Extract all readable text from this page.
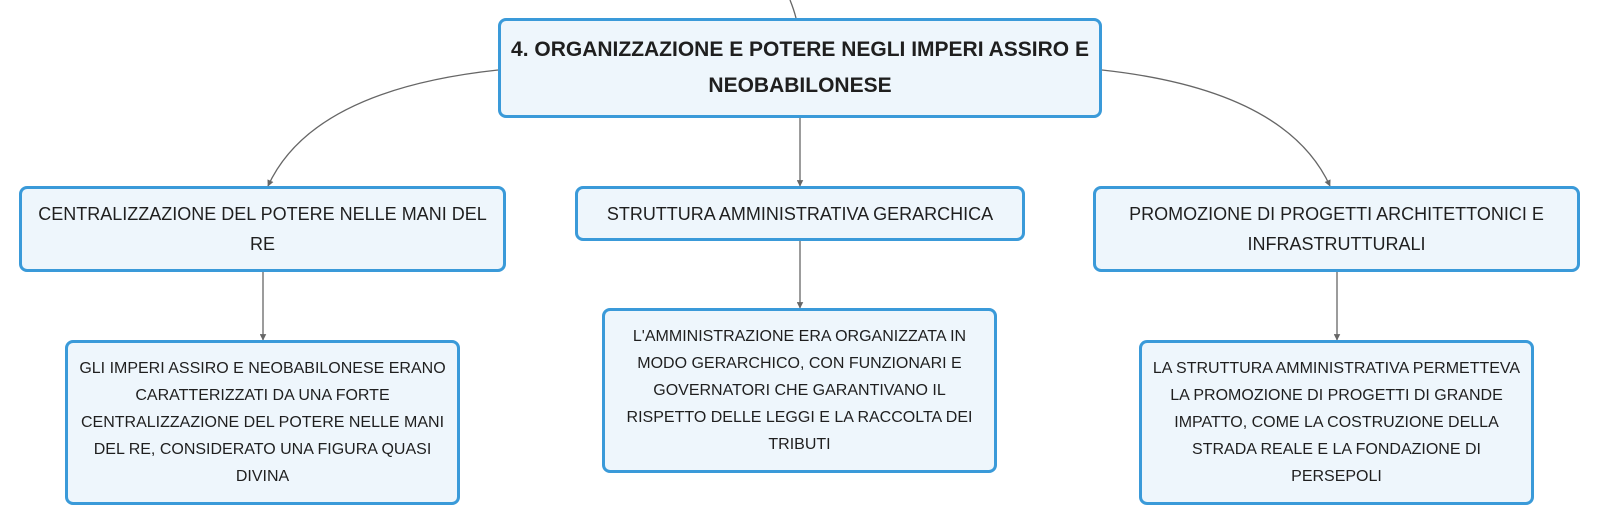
4. ORGANIZZAZIONE E POTERE NEGLI IMPERI ASSIRO E NEOBABILONESE
CENTRALIZZAZIONE DEL POTERE NELLE MANI DEL RE
STRUTTURA AMMINISTRATIVA GERARCHICA	PROMOZIONE DI PROGETTI ARCHITETTONICI E INFRASTRUTTURALI
GLI IMPERI ASSIRO E NEOBABILONESE ERANO CARATTERIZZATI DA UNA FORTE CENTRALIZZAZIONE DEL POTERE NELLE MANI DEL RE, CONSIDERATO UNA FIGURA QUASI DIVINA
L'AMMINISTRAZIONE ERA ORGANIZZATA IN MODO GERARCHICO, CON FUNZIONARI E GOVERNATORI CHE GARANTIVANO IL RISPETTO DELLE LEGGI E LA RACCOLTA DEI TRIBUTI
LA STRUTTURA AMMINISTRATIVA PERMETTEVA LA PROMOZIONE DI PROGETTI DI GRANDE IMPATTO, COME LA COSTRUZIONE DELLA STRADA REALE E LA FONDAZIONE DI PERSEPOLI
